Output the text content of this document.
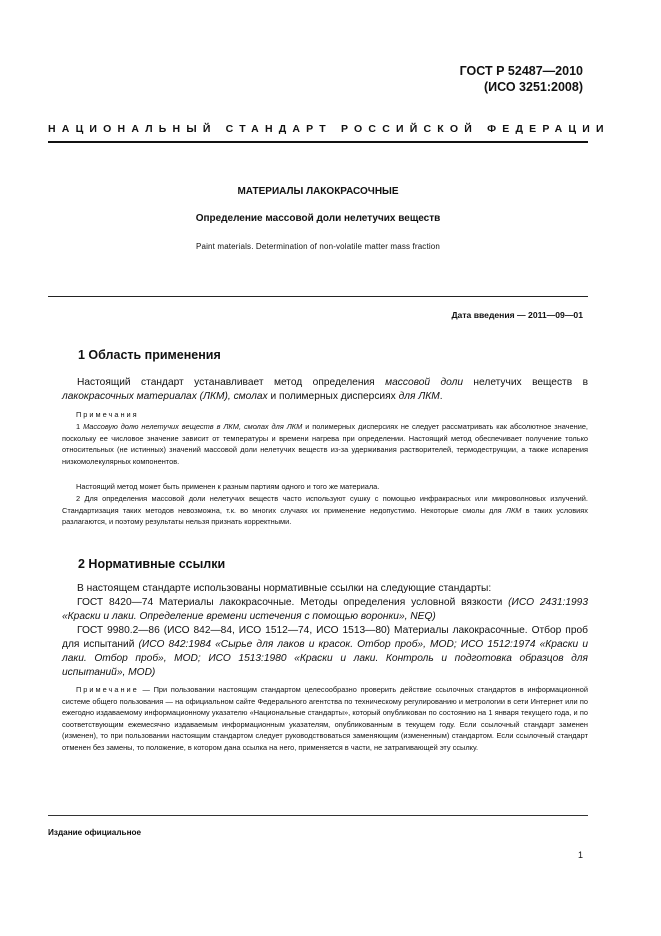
ГОСТ Р 52487—2010
(ИСО 3251:2008)
НАЦИОНАЛЬНЫЙ СТАНДАРТ РОССИЙСКОЙ ФЕДЕРАЦИИ
МАТЕРИАЛЫ ЛАКОКРАСОЧНЫЕ
Определение массовой доли нелетучих веществ
Paint materials. Determination of non-volatile matter mass fraction
Дата введения — 2011—09—01
1 Область применения
Настоящий стандарт устанавливает метод определения массовой доли нелетучих веществ в лакокрасочных материалах (ЛКМ), смолах и полимерных дисперсиях для ЛКМ.
Примечания
1 Массовую долю нелетучих веществ в ЛКМ, смолах для ЛКМ и полимерных дисперсиях не следует рассматривать как абсолютное значение, поскольку ее числовое значение зависит от температуры и времени нагрева при определении. Настоящий метод обеспечивает получение только относительных (не истинных) значений массовой доли нелетучих веществ из-за удерживания растворителей, термодеструкции, а также испарения низкомолекулярных компонентов.
Настоящий метод может быть применен к разным партиям одного и того же материала.
2 Для определения массовой доли нелетучих веществ часто используют сушку с помощью инфракрасных или микроволновых излучений. Стандартизация таких методов невозможна, т.к. во многих случаях их применение недопустимо. Некоторые смолы для ЛКМ в таких условиях разлагаются, и поэтому результаты нельзя признать корректными.
2 Нормативные ссылки
В настоящем стандарте использованы нормативные ссылки на следующие стандарты:
ГОСТ 8420—74 Материалы лакокрасочные. Методы определения условной вязкости (ИСО 2431:1993 «Краски и лаки. Определение времени истечения с помощью воронки», NEQ)
ГОСТ 9980.2—86 (ИСО 842—84, ИСО 1512—74, ИСО 1513—80) Материалы лакокрасочные. Отбор проб для испытаний (ИСО 842:1984 «Сырье для лаков и красок. Отбор проб», MOD; ИСО 1512:1974 «Краски и лаки. Отбор проб», MOD; ИСО 1513:1980 «Краски и лаки. Контроль и подготовка образцов для испытаний», MOD)
Примечание — При пользовании настоящим стандартом целесообразно проверить действие ссылочных стандартов в информационной системе общего пользования — на официальном сайте Федерального агентства по техническому регулированию и метрологии в сети Интернет или по ежегодно издаваемому информационному указателю «Национальные стандарты», который опубликован по состоянию на 1 января текущего года, и по соответствующим ежемесячно издаваемым информационным указателям, опубликованным в текущем году. Если ссылочный стандарт заменен (изменен), то при пользовании настоящим стандартом следует руководствоваться заменяющим (измененным) стандартом. Если ссылочный стандарт отменен без замены, то положение, в котором дана ссылка на него, применяется в части, не затрагивающей эту ссылку.
Издание официальное
1
